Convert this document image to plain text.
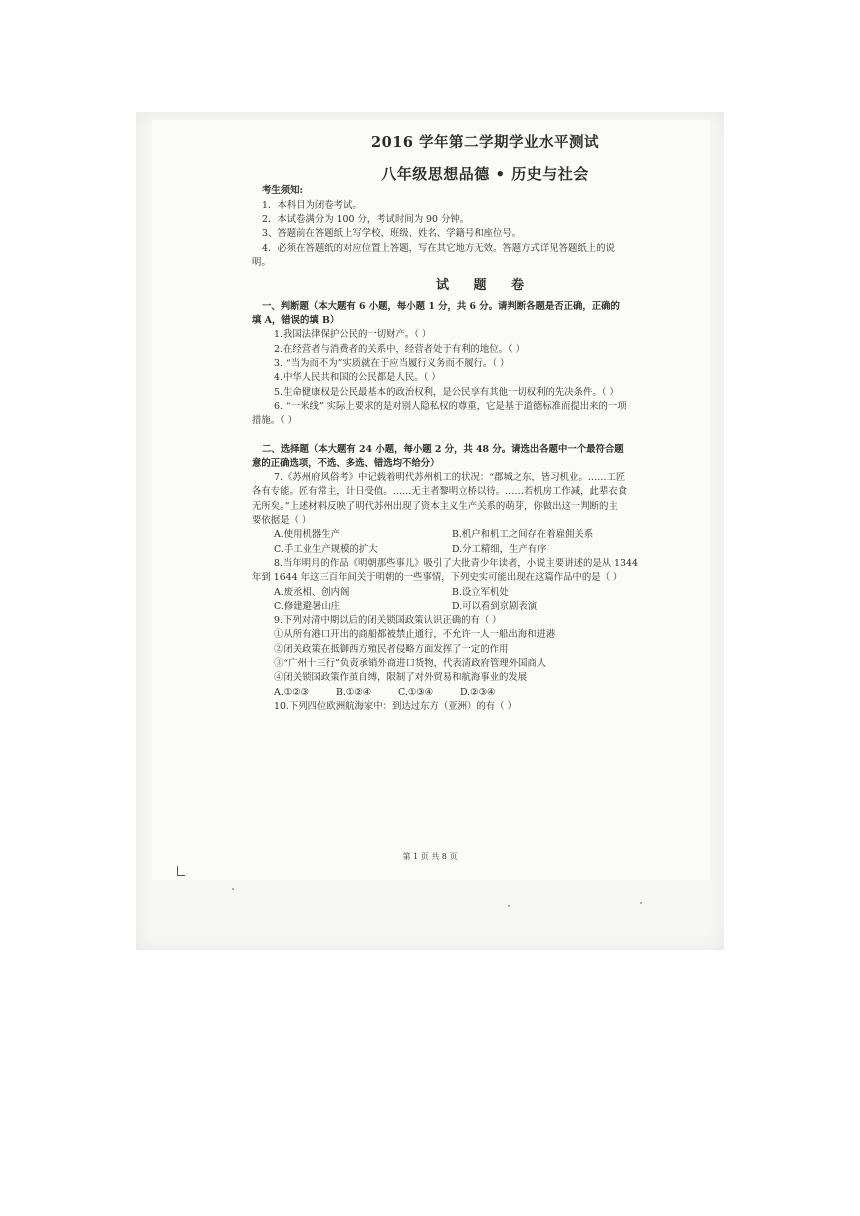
2016 学年第二学期学业水平测试

八年级思想品德 • 历史与社会

考生须知:

1．本科目为闭卷考试。

2．本试卷满分为 100 分，考试时间为 90 分钟。

3、答题前在答题纸上写学校、班级、姓名、学籍号和座位号。

4．必须在答题纸的对应位置上答题，写在其它地方无效。答题方式详见答题纸上的说

明。

试 题 卷

一、判断题（本大题有 6 小题，每小题 1 分，共 6 分。请判断各题是否正确，正确的

填 A，错误的填 B）

1.我国法律保护公民的一切财产。（ ）

2.在经营者与消费者的关系中，经营者处于有利的地位。（ ）

3. “当为而不为”实质就在于应当履行义务而不履行。（ ）

4.中华人民共和国的公民都是人民。（ ）

5.生命健康权是公民最基本的政治权利，是公民享有其他一切权利的先决条件。（ ）

6. “一米线” 实际上要求的是对别人隐私权的尊重，它是基于道德标准而提出来的一项

措施。（ ）

二、选择题（本大题有 24 小题，每小题 2 分，共 48 分。请选出各题中一个最符合题

意的正确选项，不选、多选、错选均不给分）

7.《苏州府风俗考》中记载着明代苏州机工的状况：“郡城之东，皆习机业。……工匠

各有专能。匠有常主，计日受值。……无主者黎明立桥以待。……若机房工作减，此辈衣食

无所矣。”上述材料反映了明代苏州出现了资本主义生产关系的萌芽，你做出这一判断的主

要依据是（ ）

A.使用机器生产	B.机户和机工之间存在着雇佣关系
C.手工业生产规模的扩大	D.分工精细，生产有序

8.当年明月的作品《明朝那些事儿》吸引了大批青少年读者，小说主要讲述的是从 1344

年到 1644 年这三百年间关于明朝的一些事情，下列史实可能出现在这篇作品中的是（ ）

A.废丞相、创内阁	B.设立军机处
C.修建避暑山庄	D.可以看到京剧表演

9.下列对清中期以后的闭关锁国政策认识正确的有（ ）

①从所有港口开出的商船都被禁止通行，不允许一人一船出海和进港

②闭关政策在抵御西方殖民者侵略方面发挥了一定的作用

③“广州十三行”负责承销外商进口货物，代表清政府管理外国商人

④闭关锁国政策作茧自缚，限制了对外贸易和航海事业的发展

A.①②③	B.①②④	C.①③④	D.②③④

10.下列四位欧洲航海家中：到达过东方（亚洲）的有（ ）

第 1 页 共 8 页
